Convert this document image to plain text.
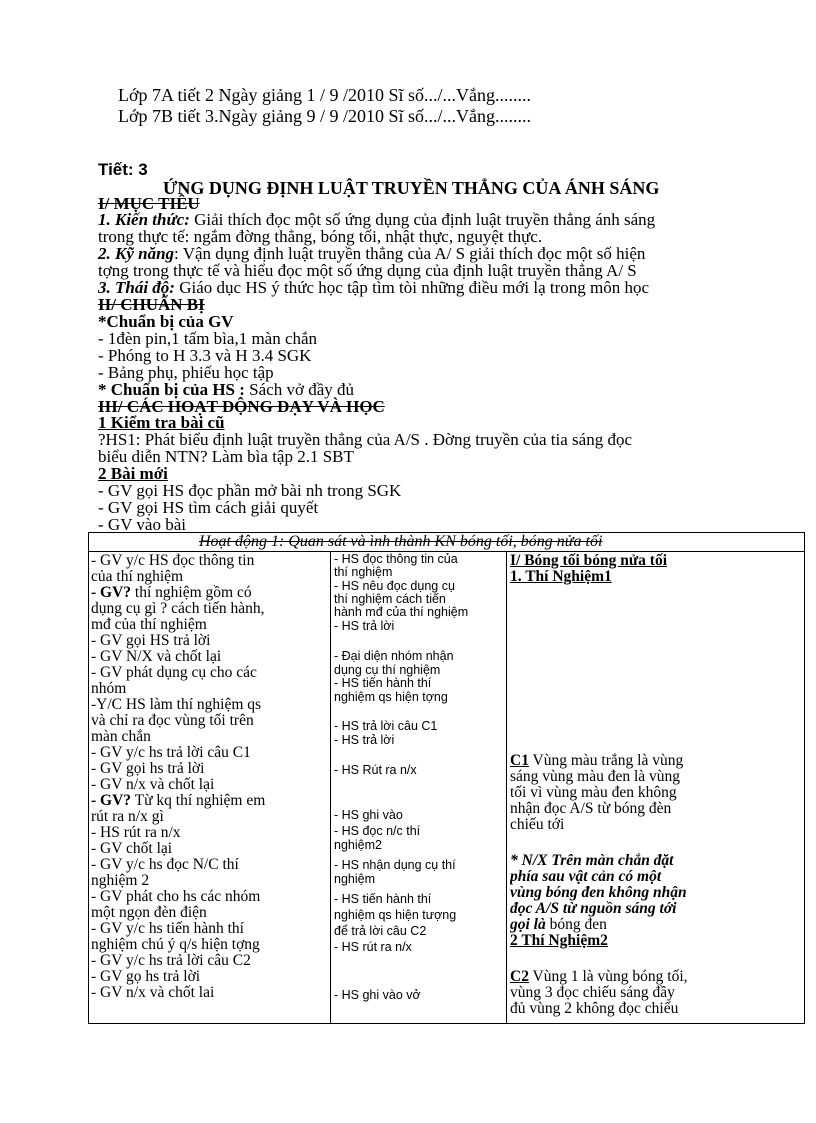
Lớp 7A tiết 2 Ngày giảng 1 / 9 /2010 Sĩ số.../...Vắng........
Lớp 7B tiết 3.Ngày giảng 9 / 9 /2010 Sĩ số.../...Vắng........
Tiết: 3
ỨNG DỤNG ĐỊNH LUẬT TRUYỀN THẲNG CỦA ÁNH SÁNG
I/ MỤC TIÊU
1. Kiến thức: Giải thích đọc một số ứng dụng của định luật truyền thẳng ánh sáng
trong thực tế: ngắm đờng thẳng, bóng tối, nhật thực, nguyệt thực.
2. Kỹ năng: Vận dụng định luật truyền thẳng của A/ S giải thích đọc một số hiện
tợng trong thực tế và hiểu đọc một số ứng dụng của định luật truyền thẳng A/ S
3. Thái độ: Giáo dục HS ý thức học tập tìm tòi những điều mới lạ trong môn học
II/ CHUẨN BỊ
*Chuẩn bị của GV
- 1đèn pin,1 tấm bìa,1 màn chắn
- Phóng to H 3.3 và H 3.4 SGK
- Bảng phụ, phiếu học tập
* Chuẩn bị của HS : Sách vở đầy đủ
III/ CÁC HOẠT ĐỘNG DẠY VÀ HỌC
1 Kiểm tra bài cũ
?HS1: Phát biểu định luật truyền thẳng của A/S . Đờng truyền của tia sáng đọc
biểu diễn NTN? Làm bìa tập 2.1 SBT
2 Bài mới
- GV gọi HS đọc phần mở bài nh trong SGK
- GV gọi HS tìm cách giải quyết
- GV vào bài
Hoạt động 1: Quan sát và ình thành KN bóng tối, bóng nửa tối
- GV y/c HS đọc thông tin
của thí nghiệm
- GV? thí nghiệm gồm có
dụng cụ gì ? cách tiến hành,
mđ của thí nghiệm
- GV gọi HS trả lời
- GV N/X và chốt lại
- GV phát dụng cụ cho các
nhóm
-Y/C HS làm thí nghiệm qs
và chỉ ra đọc vùng tối trên
màn chắn
- GV y/c hs trả lời câu C1
- GV gọi hs trả lời
- GV n/x và chốt lại
- GV? Từ kq thí nghiệm em
rút ra n/x gì
- HS rút ra n/x
- GV chốt lại
- GV y/c hs đọc N/C thí
nghiệm 2
- GV phát cho hs các nhóm
một ngọn đèn điện
- GV y/c hs tiến hành thí
nghiệm chú ý q/s hiện tợng
- GV y/c hs trả lời câu C2
- GV gọ hs trả lời
- GV n/x và chốt lai
- HS đọc thông tin của
thí nghiệm
- HS nêu đọc dụng cụ
thí nghiệm cách tiến
hành mđ của thí nghiệm
- HS trả lời
- Đại diện nhóm nhận
dụng cụ thí nghiệm
- HS tiến hành thí
nghiệm qs hiện tợng
- HS trả lời câu C1
- HS trả lời
- HS Rút ra n/x
- HS ghi vào
- HS đọc n/c thí
nghiệm2
- HS nhận dụng cụ thí
nghiệm
- HS tiến hành thí
nghiệm qs hiện tượng
để trả lời câu C2
- HS rút ra n/x
- HS ghi vào vở
I/ Bóng tối bóng nửa tối
1. Thí Nghiệm1
C1 Vùng màu trắng là vùng
sáng vùng màu đen là vùng
tối vì vùng màu đen không
nhận đọc A/S từ bóng đèn
chiếu tới
* N/X Trên màn chắn đặt
phía sau vật cản có một
vùng bóng đen không nhận
đọc A/S từ nguồn sáng tới
gọi là bóng đen
2 Thí Nghiệm2
C2 Vùng 1 là vùng bóng tối,
vùng 3 đọc chiếu sáng đầy
đủ vùng 2 không đọc chiếu
